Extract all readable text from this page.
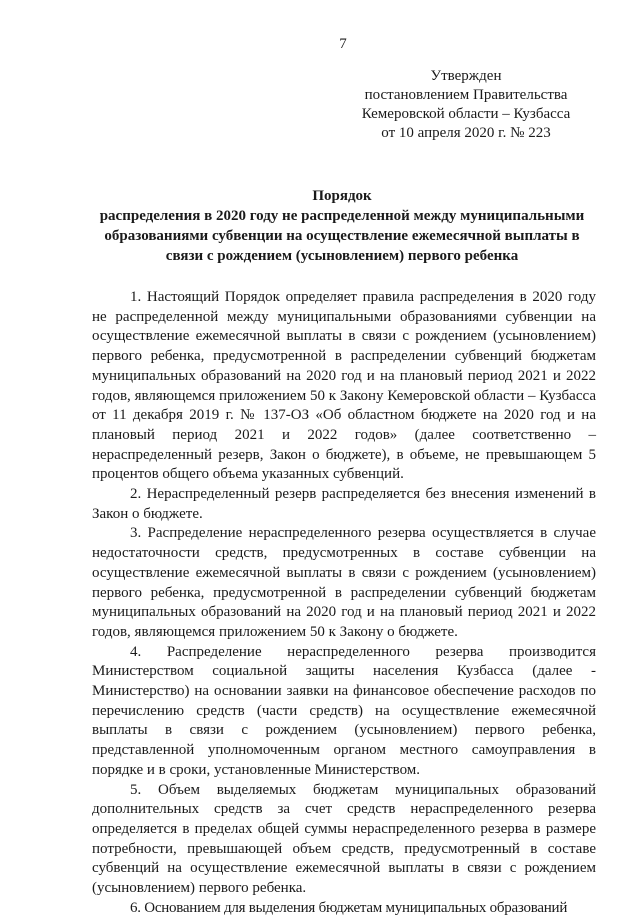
7
Утвержден
постановлением Правительства
Кемеровской области – Кузбасса
от 10 апреля 2020 г. № 223
Порядок
распределения в 2020 году не распределенной между муниципальными
образованиями субвенции на осуществление ежемесячной выплаты в
связи с рождением (усыновлением) первого ребенка

1. Настоящий Порядок определяет правила распределения в 2020 году не распределенной между муниципальными образованиями субвенции на осуществление ежемесячной выплаты в связи с рождением (усыновлением) первого ребенка, предусмотренной в распределении субвенций бюджетам муниципальных образований на 2020 год и на плановый период 2021 и 2022 годов, являющемся приложением 50 к Закону Кемеровской области – Кузбасса от 11 декабря 2019 г. № 137-ОЗ «Об областном бюджете на 2020 год и на плановый период 2021 и 2022 годов» (далее соответственно – нераспределенный резерв, Закон о бюджете), в объеме, не превышающем 5 процентов общего объема указанных субвенций.

2. Нераспределенный резерв распределяется без внесения изменений в Закон о бюджете.

3. Распределение нераспределенного резерва осуществляется в случае недостаточности средств, предусмотренных в составе субвенции на осуществление ежемесячной выплаты в связи с рождением (усыновлением) первого ребенка, предусмотренной в распределении субвенций бюджетам муниципальных образований на 2020 год и на плановый период 2021 и 2022 годов, являющемся приложением 50 к Закону о бюджете.

4. Распределение нераспределенного резерва производится Министерством социальной защиты населения Кузбасса (далее - Министерство) на основании заявки на финансовое обеспечение расходов по перечислению средств (части средств) на осуществление ежемесячной выплаты в связи с рождением (усыновлением) первого ребенка, представленной уполномоченным органом местного самоуправления в порядке и в сроки, установленные Министерством.

5. Объем выделяемых бюджетам муниципальных образований дополнительных средств за счет средств нераспределенного резерва определяется в пределах общей суммы нераспределенного резерва в размере потребности, превышающей объем средств, предусмотренный в составе субвенций на осуществление ежемесячной выплаты в связи с рождением (усыновлением) первого ребенка.

6. Основанием для выделения бюджетам муниципальных образований
